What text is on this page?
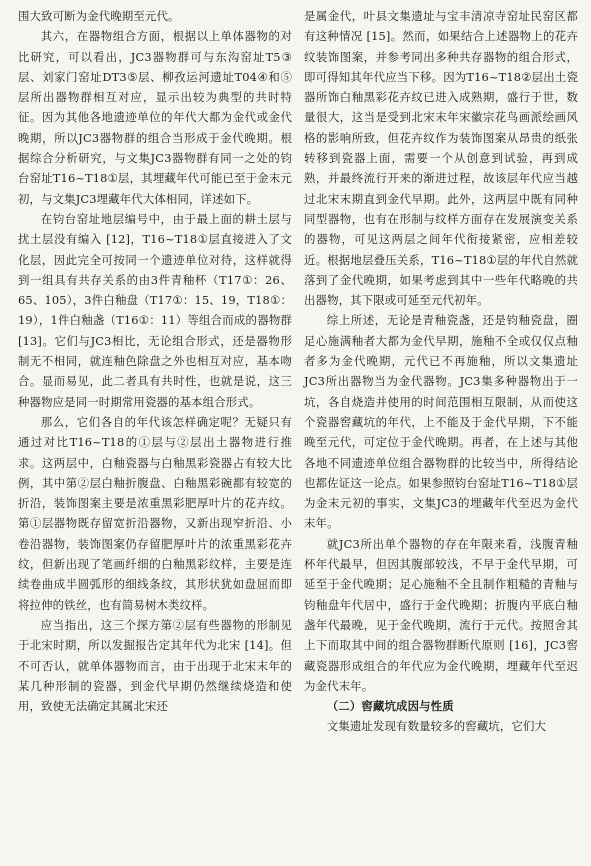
围大致可断为金代晚期至元代。

其六，在器物组合方面，根据以上单体器物的对比研究，可以看出，JC3器物群可与东沟窑址T5③层、刘家门窑址DT3⑤层、柳孜运河遗址T04④和⑤层所出器物群相互对应，显示出较为典型的共时特征。因为其他各地遗迹单位的年代大都为金代或金代晚期，所以JC3器物群的组合当形成于金代晚期。根据综合分析研究，与文集JC3器物群有同一之处的钧台窑址T16~T18①层，其埋藏年代可能已至于金末元初，与文集JC3埋藏年代大体相同，详述如下。

在钧台窑址地层编号中，由于最上面的耕土层与扰土层没有编入 [12]，T16~T18①层直接进入了文化层，因此完全可按同一个遗迹单位对待，这样就得到一组具有共存关系的由3件青釉杯（T17①：26、65、105），3件白釉盘（T17①：15、19，T18①：19），1件白釉盏（T16①：11）等组合而成的器物群 [13]。它们与JC3相比，无论组合形式，还是器物形制无不相同，就连釉色除盘之外也相互对应，基本吻合。显而易见，此二者具有共时性，也就是说，这三种器物应是同一时期常用瓷器的基本组合形式。

那么，它们各自的年代该怎样确定呢？无疑只有通过对比T16~T18的①层与②层出土器物进行推求。这两层中，白釉瓷器与白釉黑彩瓷器占有较大比例，其中第②层白釉折腹盘、白釉黑彩碗都有较宽的折沿，装饰图案主要是浓重黑彩肥厚叶片的花卉纹。第①层器物既存留宽折沿器物，又新出现窄折沿、小卷沿器物，装饰图案仍存留肥厚叶片的浓重黑彩花卉纹，但新出现了笔画纤细的白釉黑彩纹样，主要是连续卷曲成半圆弧形的细线条纹，其形状犹如盘屈而即将拉伸的铁丝，也有简易树木类纹样。

应当指出，这三个探方第②层有些器物的形制见于北宋时期，所以发掘报告定其年代为北宋 [14]。但不可否认，就单体器物而言，由于出现于北宋末年的某几种形制的瓷器，到金代早期仍然继续烧造和使用，致使无法确定其属北宋还

是属金代，叶县文集遗址与宝丰清凉寺窑址民窑区都有这种情况 [15]。然而，如果结合上述器物上的花卉纹装饰图案，并参考同出多种共存器物的组合形式，即可得知其年代应当下移。因为T16~T18②层出土瓷器所饰白釉黑彩花卉纹已进入成熟期，盛行于世，数量很大，这当是受到北宋末年宋徽宗花鸟画派绘画风格的影响所致，但花卉纹作为装饰图案从昂贵的纸张转移到瓷器上面，需要一个从创意到试验，再到成熟，并最终流行开来的渐进过程，故该层年代应当越过北宋末期直到金代早期。此外，这两层中既有同种同型器物，也有在形制与纹样方面存在发展演变关系的器物，可见这两层之间年代衔接紧密，应相差较近。根据地层叠压关系，T16~T18①层的年代自然就落到了金代晚期，如果考虑到其中一些年代略晚的共出器物，其下限或可延至元代初年。

综上所述，无论是青釉瓷盏，还是钧釉瓷盘，圈足心施满釉者大都为金代早期，施釉不全或仅仅点釉者多为金代晚期，元代已不再施釉，所以文集遗址JC3所出器物当为金代器物。JC3集多种器物出于一坑，各自烧造并使用的时间范围相互限制，从而使这个瓷器窖藏坑的年代，上不能及于金代早期，下不能晚至元代，可定位于金代晚期。再者，在上述与其他各地不同遗迹单位组合器物群的比较当中，所得结论也都佐证这一论点。如果参照钧台窑址T16~T18①层为金末元初的事实，文集JC3的埋藏年代至迟为金代末年。

就JC3所出单个器物的存在年限来看，浅腹青釉杯年代最早，但因其腹部较浅，不早于金代早期，可延至于金代晚期；足心施釉不全且制作粗糙的青釉与钧釉盘年代居中，盛行于金代晚期；折腹内平底白釉盏年代最晚，见于金代晚期，流行于元代。按照舍其上下而取其中间的组合器物群断代原则 [16]，JC3窖藏瓷器形成组合的年代应为金代晚期，埋藏年代至迟为金代末年。

（二）窖藏坑成因与性质

文集遗址发现有数量较多的窖藏坑，它们大
